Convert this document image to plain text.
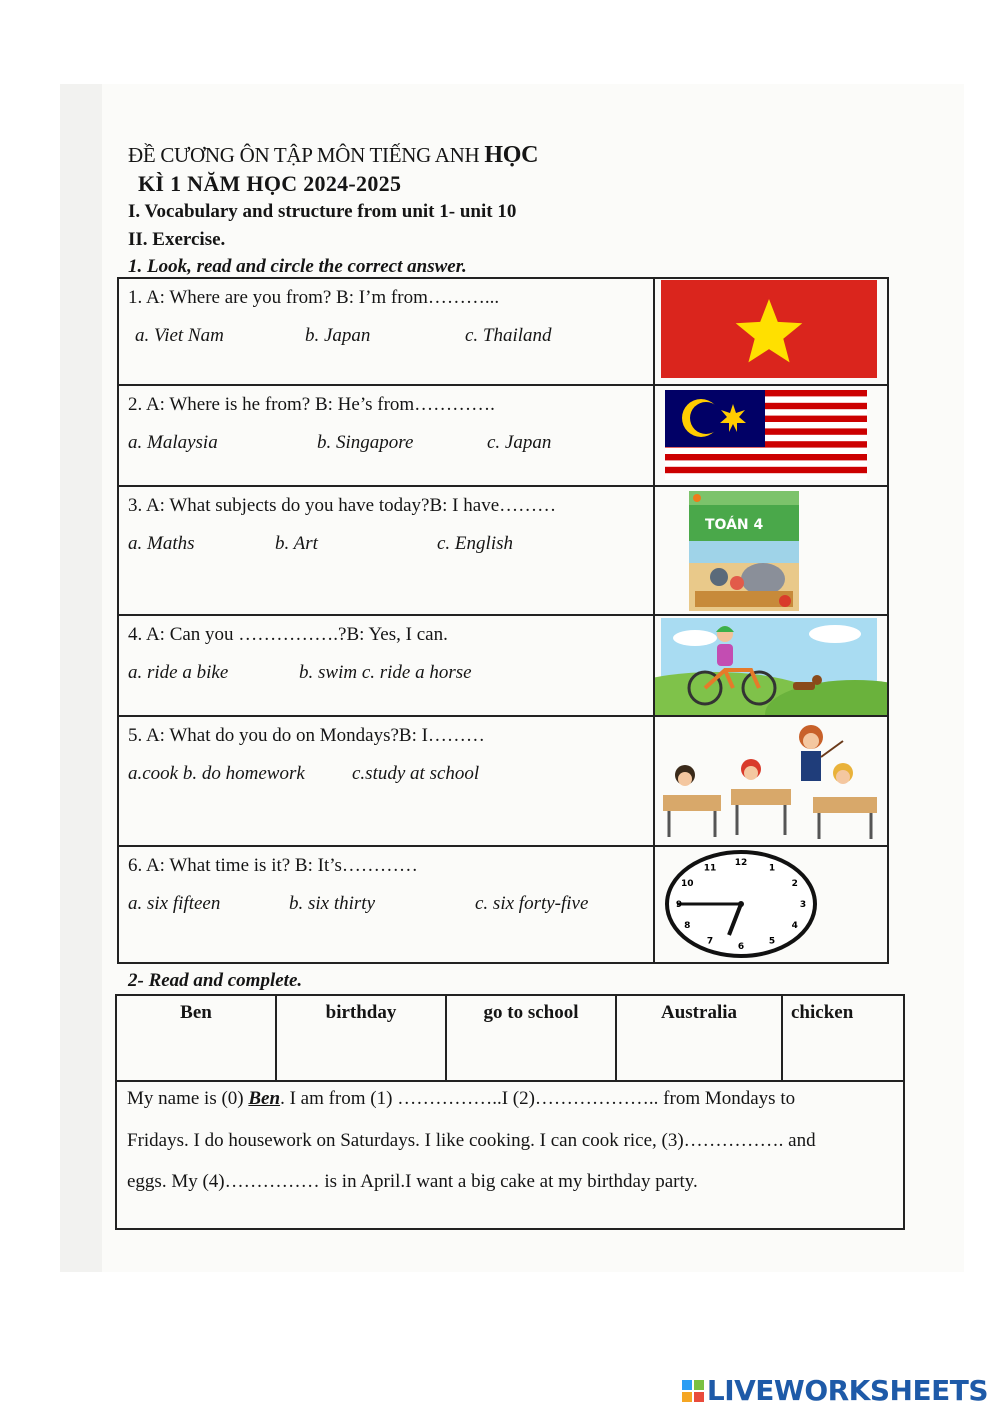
ĐỀ CƯƠNG ÔN TẬP MÔN TIẾNG ANH HỌC
KÌ 1 NĂM HỌC 2024-2025
I. Vocabulary and structure from unit 1- unit 10
II. Exercise.
1. Look, read and circle the correct answer.
1. A: Where are you from? B: I’m from………...
a. Viet Nam	b. Japan	c. Thailand
2. A: Where is he from? B: He’s from………….
a. Malaysia	b. Singapore	c. Japan
3. A: What subjects do you have today?B: I have………
a. Maths	b. Art	c. English
TOÁN 4
4. A: Can you …………….?B: Yes, I can.
a. ride a bike	b. swim c. ride a horse
5. A: What do you do on Mondays?B: I………
a.cook b. do homework c.study at school
6. A: What time is it? B: It’s…………
a. six fifteen	b. six thirty	c. six forty-five
12
1
2
3
4
5
6
7
8
9
10
11
2- Read and complete.
Ben	birthday	go to school	Australia	chicken
My name is (0) Ben. I am from (1) ……………..I (2)……………….. from Mondays to
Fridays. I do housework on Saturdays. I like cooking. I can cook rice, (3)……………. and
eggs. My (4)…………… is in April.I want a big cake at my birthday party.
LIVEWORKSHEETS
